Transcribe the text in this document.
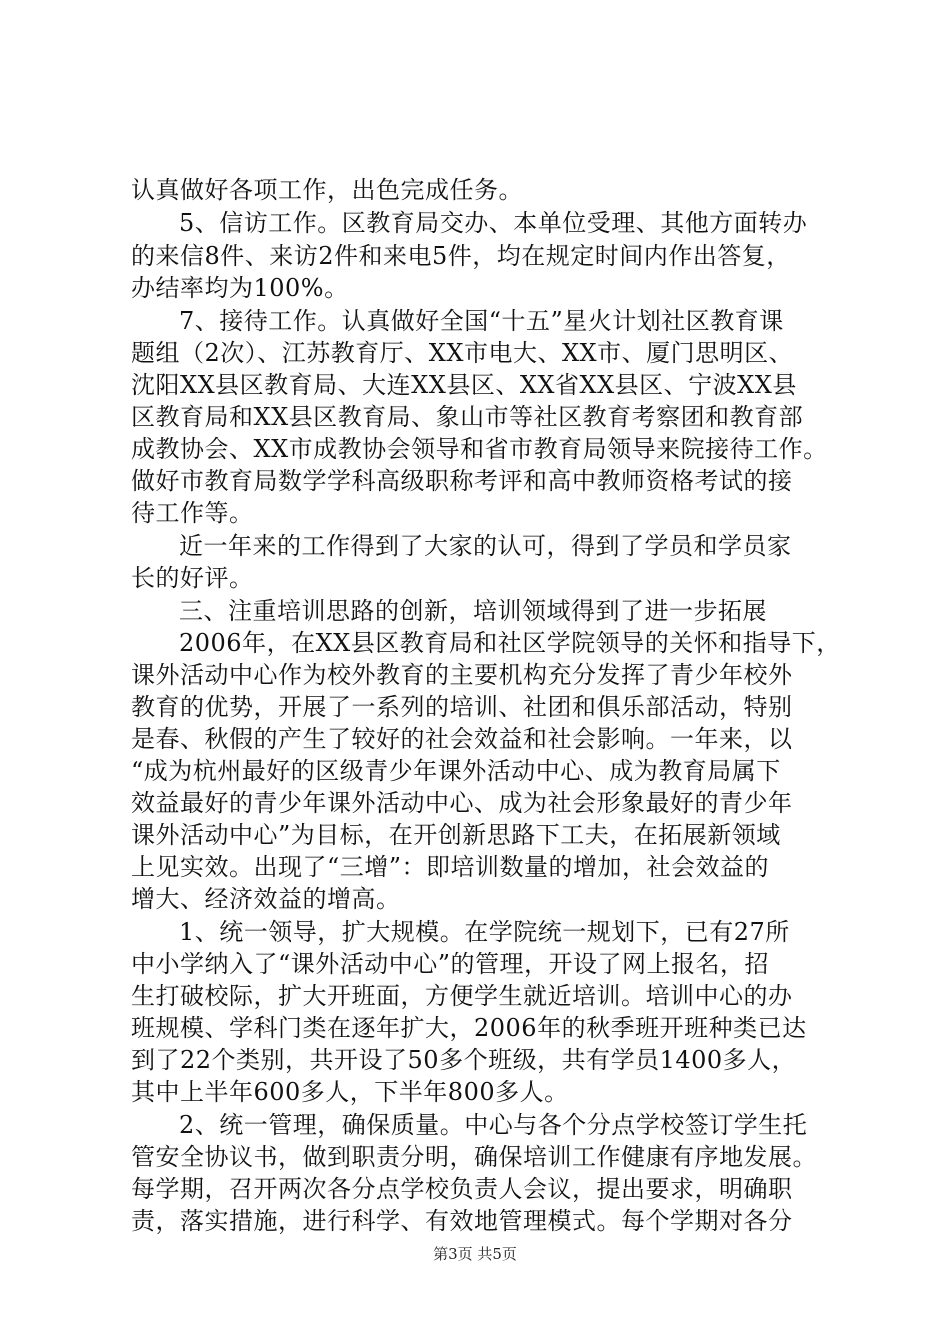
认真做好各项工作，出色完成任务。
5、信访工作。区教育局交办、本单位受理、其他方面转办
的来信8件、来访2件和来电5件，均在规定时间内作出答复，
办结率均为100%。
7、接待工作。认真做好全国“十五”星火计划社区教育课
题组（2次）、江苏教育厅、XX市电大、XX市、厦门思明区、
沈阳XX县区教育局、大连XX县区、XX省XX县区、宁波XX县
区教育局和XX县区教育局、象山市等社区教育考察团和教育部
成教协会、XX市成教协会领导和省市教育局领导来院接待工作。
做好市教育局数学学科高级职称考评和高中教师资格考试的接
待工作等。
近一年来的工作得到了大家的认可，得到了学员和学员家
长的好评。
三、注重培训思路的创新，培训领域得到了进一步拓展
2006年，在XX县区教育局和社区学院领导的关怀和指导下，
课外活动中心作为校外教育的主要机构充分发挥了青少年校外
教育的优势，开展了一系列的培训、社团和俱乐部活动，特别
是春、秋假的产生了较好的社会效益和社会影响。一年来，以
“成为杭州最好的区级青少年课外活动中心、成为教育局属下
效益最好的青少年课外活动中心、成为社会形象最好的青少年
课外活动中心”为目标，在开创新思路下工夫，在拓展新领域
上见实效。出现了“三增”：即培训数量的增加，社会效益的
增大、经济效益的增高。
1、统一领导，扩大规模。在学院统一规划下，已有27所
中小学纳入了“课外活动中心”的管理，开设了网上报名，招
生打破校际，扩大开班面，方便学生就近培训。培训中心的办
班规模、学科门类在逐年扩大，2006年的秋季班开班种类已达
到了22个类别，共开设了50多个班级，共有学员1400多人，
其中上半年600多人，下半年800多人。
2、统一管理，确保质量。中心与各个分点学校签订学生托
管安全协议书，做到职责分明，确保培训工作健康有序地发展。
每学期，召开两次各分点学校负责人会议，提出要求，明确职
责，落实措施，进行科学、有效地管理模式。每个学期对各分
第3页 共5页
